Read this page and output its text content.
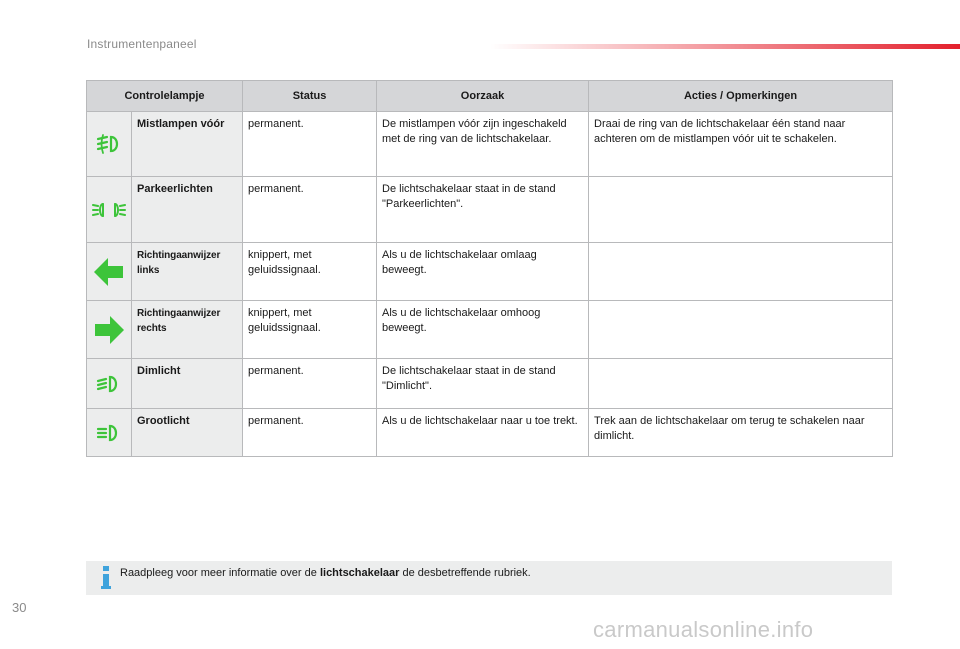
Instrumentenpaneel
Controlelampje		Status	Oorzaak	Acties / Opmerkingen

	Mistlampen vóór	permanent.	De mistlampen vóór zijn ingeschakeld met de ring van de lichtschakelaar.	Draai de ring van de lichtschakelaar één stand naar achteren om de mistlampen vóór uit te schakelen.

	Parkeerlichten	permanent.	De lichtschakelaar staat in de stand "Parkeerlichten".	

	Richtingaanwijzer links	knippert, met geluidssignaal.	Als u de lichtschakelaar omlaag beweegt.	

	Richtingaanwijzer rechts	knippert, met geluidssignaal.	Als u de lichtschakelaar omhoog beweegt.	

	Dimlicht	permanent.	De lichtschakelaar staat in de stand "Dimlicht".	

	Grootlicht	permanent.	Als u de lichtschakelaar naar u toe trekt.	Trek aan de lichtschakelaar om terug te schakelen naar dimlicht.
Raadpleeg voor meer informatie over de lichtschakelaar de desbetreffende rubriek.
30
carmanualsonline.info
